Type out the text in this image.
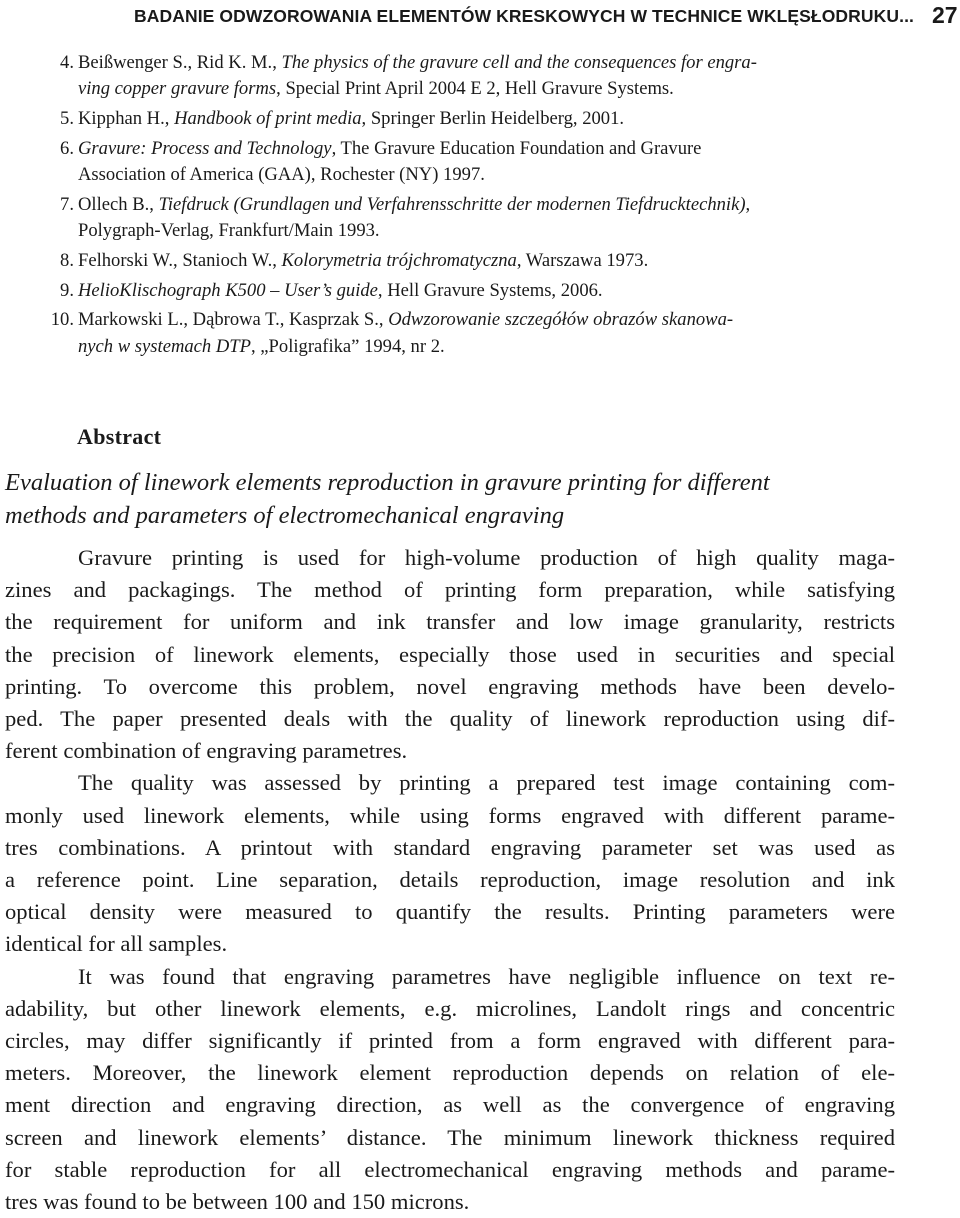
BADANIE ODWZOROWANIA ELEMENTÓW KRESKOWYCH W TECHNICE WKLĘSŁODRUKU... 27
4. Beißwenger S., Rid K. M., The physics of the gravure cell and the consequences for engra-
ving copper gravure forms, Special Print April 2004 E 2, Hell Gravure Systems.
5. Kipphan H., Handbook of print media, Springer Berlin Heidelberg, 2001.
6. Gravure: Process and Technology, The Gravure Education Foundation and Gravure
Association of America (GAA), Rochester (NY) 1997.
7. Ollech B., Tiefdruck (Grundlagen und Verfahrensschritte der modernen Tiefdrucktechnik),
Polygraph-Verlag, Frankfurt/Main 1993.
8. Felhorski W., Stanioch W., Kolorymetria trójchromatyczna, Warszawa 1973.
9. HelioKlischograph K500 – User’s guide, Hell Gravure Systems, 2006.
10. Markowski L., Dąbrowa T., Kasprzak S., Odwzorowanie szczegółów obrazów skanowa-
nych w systemach DTP, „Poligrafika” 1994, nr 2.
Abstract
Evaluation of linework elements reproduction in gravure printing for different
methods and parameters of electromechanical engraving

Gravure printing is used for high-volume production of high quality maga-
zines and packagings. The method of printing form preparation, while satisfying
the requirement for uniform and ink transfer and low image granularity, restricts
the precision of linework elements, especially those used in securities and special
printing. To overcome this problem, novel engraving methods have been develo-
ped. The paper presented deals with the quality of linework reproduction using dif-
ferent combination of engraving parametres.

The quality was assessed by printing a prepared test image containing com-
monly used linework elements, while using forms engraved with different parame-
tres combinations. A printout with standard engraving parameter set was used as
a reference point. Line separation, details reproduction, image resolution and ink
optical density were measured to quantify the results. Printing parameters were
identical for all samples.

It was found that engraving parametres have negligible influence on text re-
adability, but other linework elements, e.g. microlines, Landolt rings and concentric
circles, may differ significantly if printed from a form engraved with different para-
meters. Moreover, the linework element reproduction depends on relation of ele-
ment direction and engraving direction, as well as the convergence of engraving
screen and linework elements’ distance. The minimum linework thickness required
for stable reproduction for all electromechanical engraving methods and parame-
tres was found to be between 100 and 150 microns.
